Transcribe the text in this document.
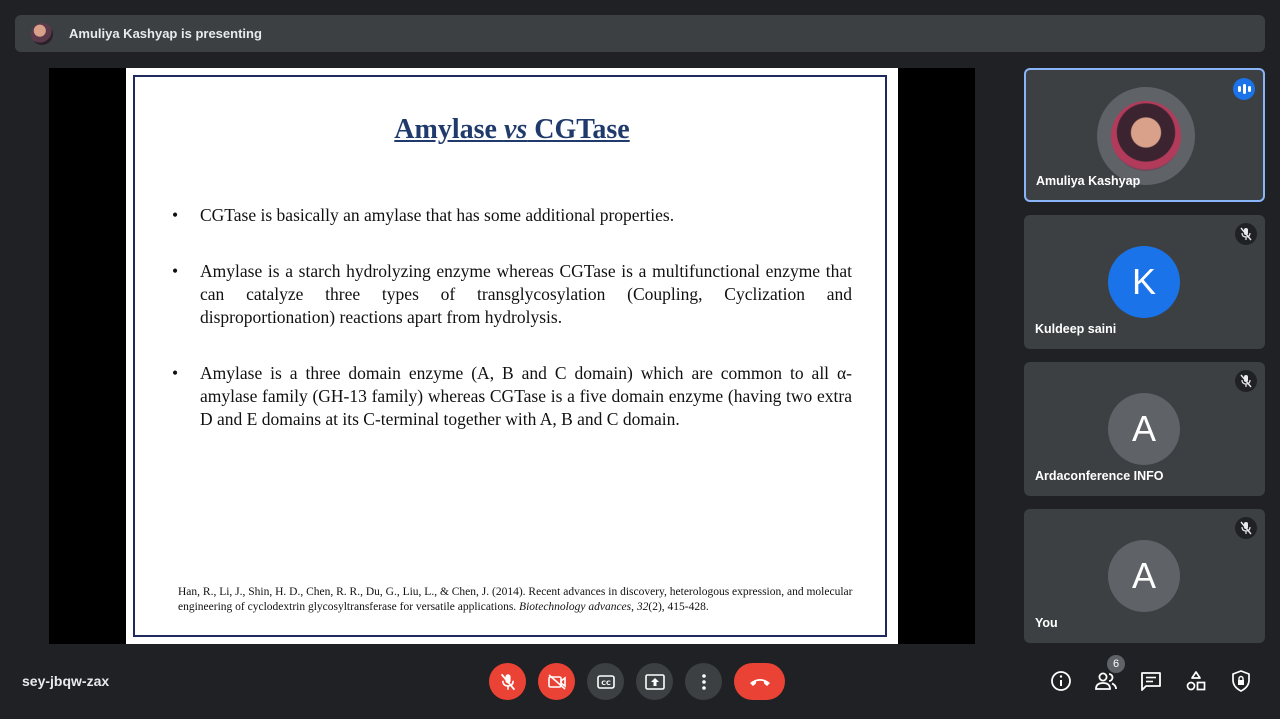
Amuliya Kashyap is presenting
Amylase vs CGTase
• CGTase is basically an amylase that has some additional properties.
• Amylase is a starch hydrolyzing enzyme whereas CGTase is a multifunctional enzyme that can catalyze three types of transglycosylation (Coupling, Cyclization and disproportionation) reactions apart from hydrolysis.
• Amylase is a three domain enzyme (A, B and C domain) which are common to all α-amylase family (GH-13 family) whereas CGTase is a five domain enzyme (having two extra D and E domains at its C-terminal together with A, B and C domain.
Han, R., Li, J., Shin, H. D., Chen, R. R., Du, G., Liu, L., & Chen, J. (2014). Recent advances in discovery, heterologous expression, and molecular engineering of cyclodextrin glycosyltransferase for versatile applications. Biotechnology advances, 32(2), 415-428.
Amuliya Kashyap
K
Kuldeep saini
A
Ardaconference INFO
A
You
sey-jbqw-zax	CC
6
